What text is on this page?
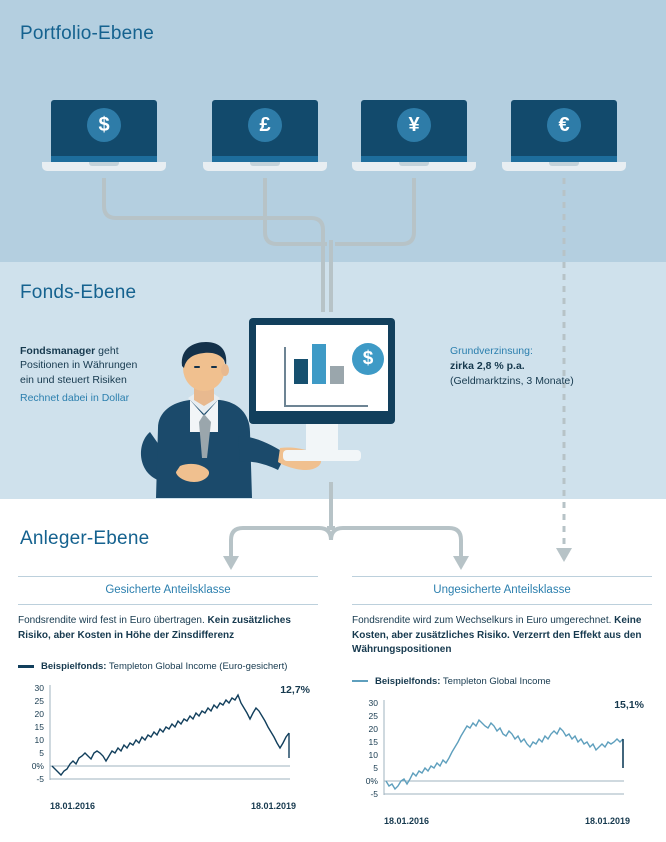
Portfolio-Ebene
Fonds-Ebene
Anleger-Ebene
$	£	¥	€
Fondsmanager geht
Positionen in Währungen
ein und steuert Risiken
Rechnet dabei in Dollar
Grundverzinsung:
zirka 2,8 % p.a.
(Geldmarktzins, 3 Monate)
$
Gesicherte Anteilsklasse
Fondsrendite wird fest in Euro übertragen. Kein zusätzliches Risiko, aber Kosten in Höhe der Zinsdifferenz
Beispielfonds: Templeton Global Income (Euro-gesichert)
30
25
20
15
10
5
0%
-5
12,7%
18.01.2016	18.01.2019
Ungesicherte Anteilsklasse
Fondsrendite wird zum Wechselkurs in Euro umgerechnet. Keine Kosten, aber zusätzliches Risiko. Verzerrt den Effekt aus den Währungspositionen
Beispielfonds: Templeton Global Income
30
25
20
15
10
5
0%
-5
15,1%
18.01.2016	18.01.2019
